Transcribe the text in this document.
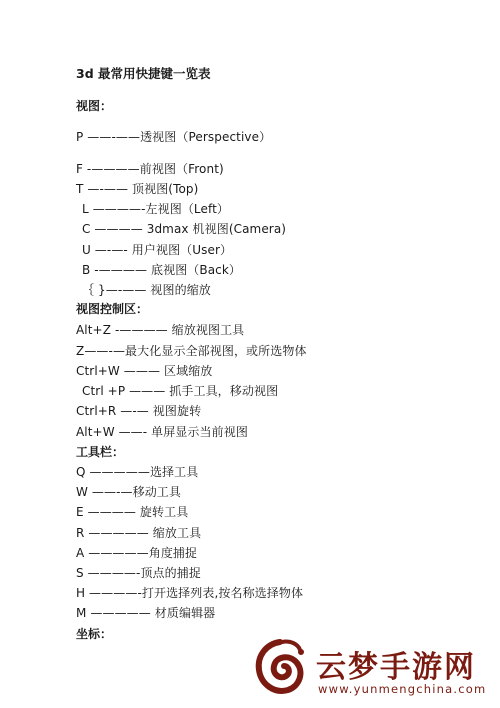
3d 最常用快捷键一览表
视图：
P ——-——透视图（Perspective）
F -————前视图（Front)
T —-—— 顶视图(Top)
L ————-左视图（Left）
C ———— 3dmax 机视图(Camera)
U —-—- 用户视图（User）
B -———— 底视图（Back）
｛ }—-—— 视图的缩放
视图控制区：
Alt+Z -———— 缩放视图工具
Z——-—最大化显示全部视图，或所选物体
Ctrl+W ——— 区域缩放
Ctrl +P ——— 抓手工具，移动视图
Ctrl+R —-— 视图旋转
Alt+W ——- 单屏显示当前视图
工具栏：
Q —————选择工具
W ——-—移动工具
E ———— 旋转工具
R ————— 缩放工具
A —————角度捕捉
S ————-顶点的捕捉
H ————-打开选择列表,按名称选择物体
M ————— 材质编辑器
坐标：
云梦手游网
www.yunmengchina.com
